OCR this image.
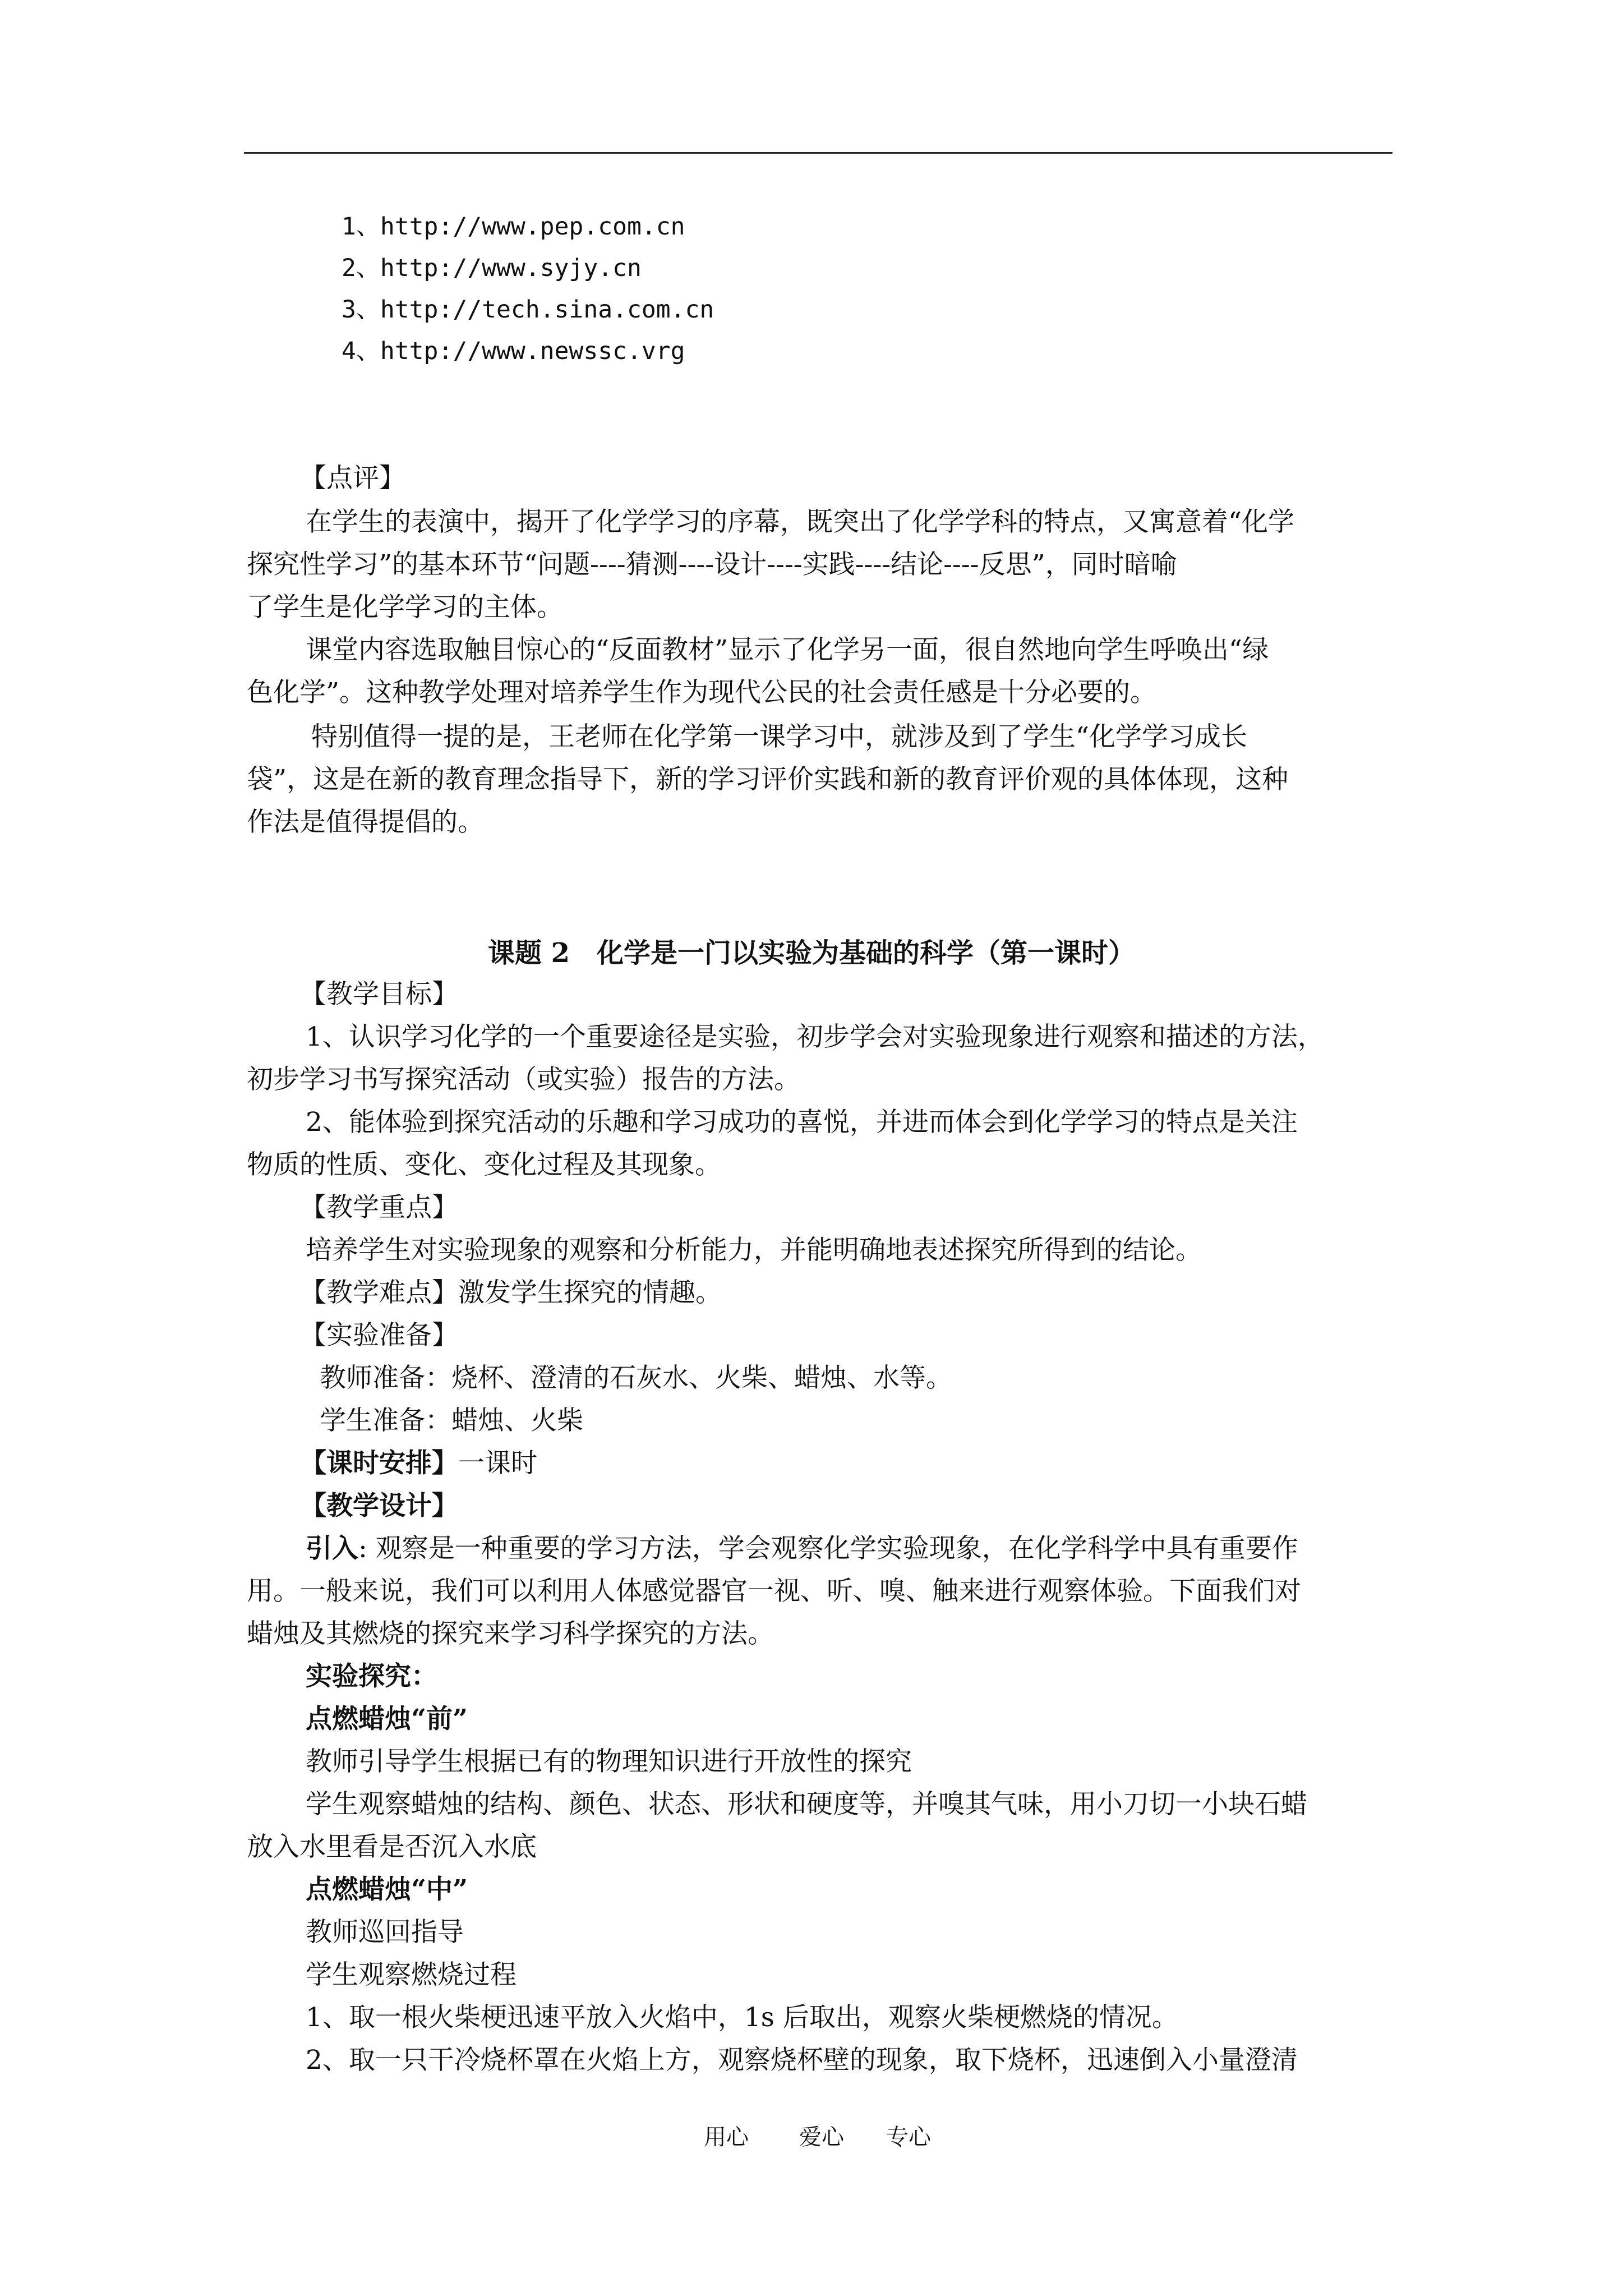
1、http://www.pep.com.cn
2、http://www.syjy.cn
3、http://tech.sina.com.cn
4、http://www.newssc.vrg
【点评】
在学生的表演中，揭开了化学学习的序幕，既突出了化学学科的特点，又寓意着“化学
探究性学习”的基本环节“问题----猜测----设计----实践----结论----反思”，同时暗喻
了学生是化学学习的主体。
课堂内容选取触目惊心的“反面教材”显示了化学另一面，很自然地向学生呼唤出“绿
色化学”。这种教学处理对培养学生作为现代公民的社会责任感是十分必要的。
特别值得一提的是，王老师在化学第一课学习中，就涉及到了学生“化学学习成长
袋”，这是在新的教育理念指导下，新的学习评价实践和新的教育评价观的具体体现，这种
作法是值得提倡的。
课题 2　化学是一门以实验为基础的科学（第一课时）
【教学目标】
1、认识学习化学的一个重要途径是实验，初步学会对实验现象进行观察和描述的方法，
初步学习书写探究活动（或实验）报告的方法。
2、能体验到探究活动的乐趣和学习成功的喜悦，并进而体会到化学学习的特点是关注
物质的性质、变化、变化过程及其现象。
【教学重点】
培养学生对实验现象的观察和分析能力，并能明确地表述探究所得到的结论。
【教学难点】激发学生探究的情趣。
【实验准备】
教师准备：烧杯、澄清的石灰水、火柴、蜡烛、水等。
学生准备：蜡烛、火柴
【课时安排】一课时
【教学设计】
引入: 观察是一种重要的学习方法，学会观察化学实验现象，在化学科学中具有重要作
用。一般来说，我们可以利用人体感觉器官一视、听、嗅、触来进行观察体验。下面我们对
蜡烛及其燃烧的探究来学习科学探究的方法。
实验探究：
点燃蜡烛“前”
教师引导学生根据已有的物理知识进行开放性的探究
学生观察蜡烛的结构、颜色、状态、形状和硬度等，并嗅其气味，用小刀切一小块石蜡
放入水里看是否沉入水底
点燃蜡烛“中”
教师巡回指导
学生观察燃烧过程
1、取一根火柴梗迅速平放入火焰中，1s 后取出，观察火柴梗燃烧的情况。
2、取一只干冷烧杯罩在火焰上方，观察烧杯壁的现象，取下烧杯，迅速倒入小量澄清
用心 爱心 专心
